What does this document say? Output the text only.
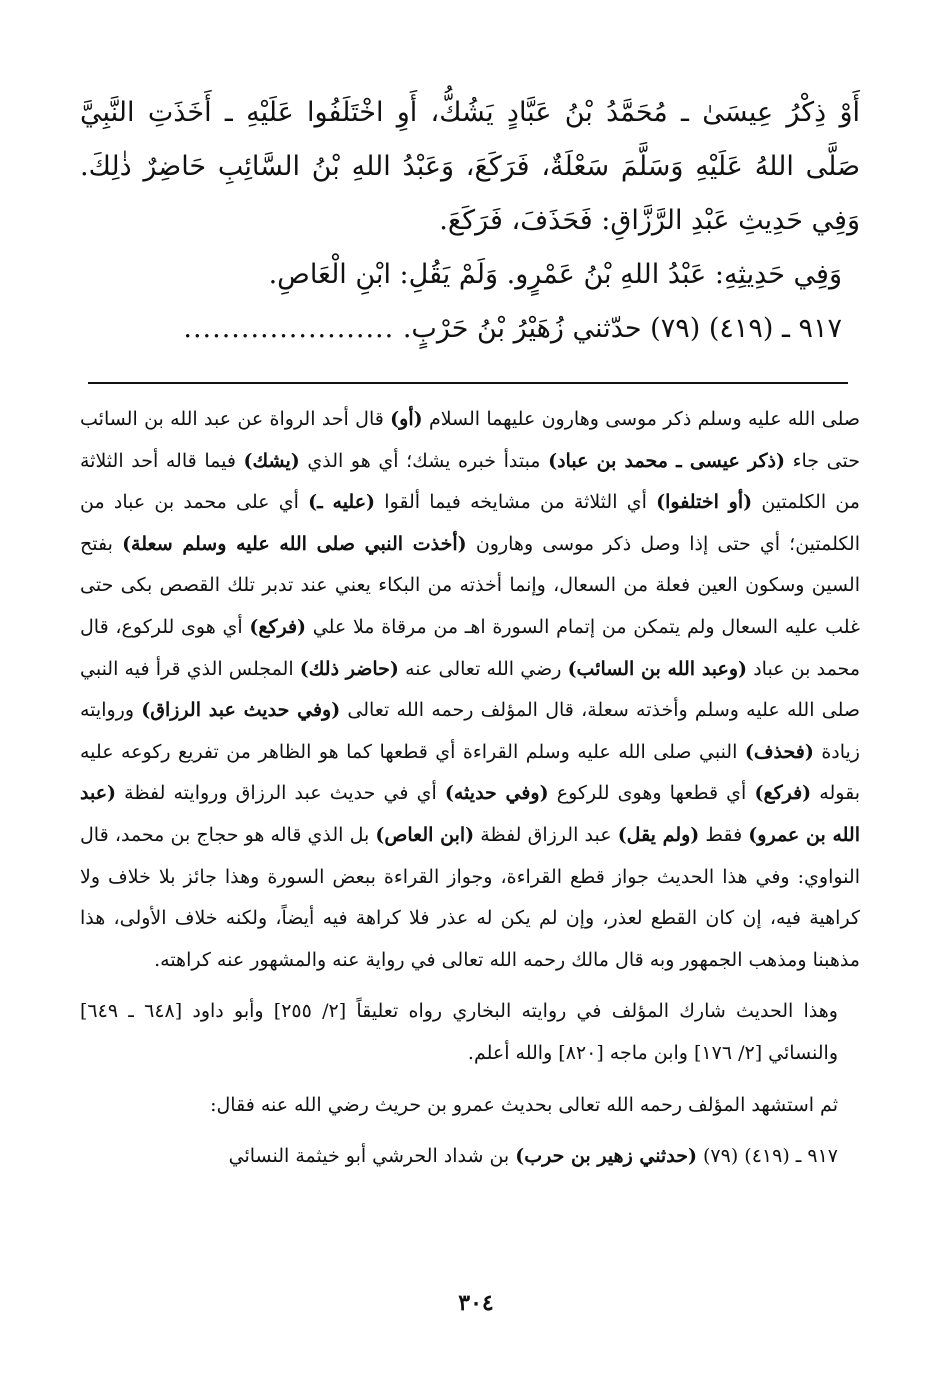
أَوْ ذِكْرُ عِيسَىٰ ـ مُحَمَّدُ بْنُ عَبَّادٍ يَشُكُّ، أَوِ اخْتَلَفُوا عَلَيْهِ ـ أَخَذَتِ النَّبِيَّ صَلَّى اللهُ عَلَيْهِ وَسَلَّمَ سَعْلَةٌ، فَرَكَعَ، وَعَبْدُ اللهِ بْنُ السَّائِبِ حَاضِرٌ ذٰلِكَ. وَفِي حَدِيثِ عَبْدِ الرَّزَّاقِ: فَحَذَفَ، فَرَكَعَ.

وَفِي حَدِيثِهِ: عَبْدُ اللهِ بْنُ عَمْرٍو. وَلَمْ يَقُلِ: ابْنِ الْعَاصِ.

٩١٧ ـ (٤١٩) (٧٩) حدّثني زُهَيْرُ بْنُ حَرْبٍ. ......................

صلى الله عليه وسلم ذكر موسى وهارون عليهما السلام (أو) قال أحد الرواة عن عبد الله بن السائب حتى جاء (ذكر عيسى ـ محمد بن عباد) مبتدأ خبره يشك؛ أي هو الذي (يشك) فيما قاله أحد الثلاثة من الكلمتين (أو اختلفوا) أي الثلاثة من مشايخه فيما ألقوا (عليه ـ) أي على محمد بن عباد من الكلمتين؛ أي حتى إذا وصل ذكر موسى وهارون (أخذت النبي صلى الله عليه وسلم سعلة) بفتح السين وسكون العين فعلة من السعال، وإنما أخذته من البكاء يعني عند تدبر تلك القصص بكى حتى غلب عليه السعال ولم يتمكن من إتمام السورة اهـ من مرقاة ملا علي (فركع) أي هوى للركوع، قال محمد بن عباد (وعبد الله بن السائب) رضي الله تعالى عنه (حاضر ذلك) المجلس الذي قرأ فيه النبي صلى الله عليه وسلم وأخذته سعلة، قال المؤلف رحمه الله تعالى (وفي حديث عبد الرزاق) وروايته زيادة (فحذف) النبي صلى الله عليه وسلم القراءة أي قطعها كما هو الظاهر من تفريع ركوعه عليه بقوله (فركع) أي قطعها وهوى للركوع (وفي حديثه) أي في حديث عبد الرزاق وروايته لفظة (عبد الله بن عمرو) فقط (ولم يقل) عبد الرزاق لفظة (ابن العاص) بل الذي قاله هو حجاج بن محمد، قال النواوي: وفي هذا الحديث جواز قطع القراءة، وجواز القراءة ببعض السورة وهذا جائز بلا خلاف ولا كراهية فيه، إن كان القطع لعذر، وإن لم يكن له عذر فلا كراهة فيه أيضاً، ولكنه خلاف الأولى، هذا مذهبنا ومذهب الجمهور وبه قال مالك رحمه الله تعالى في رواية عنه والمشهور عنه كراهته.

وهذا الحديث شارك المؤلف في روايته البخاري رواه تعليقاً [٢/ ٢٥٥] وأبو داود [٦٤٨ ـ ٦٤٩] والنسائي [٢/ ١٧٦] وابن ماجه [٨٢٠] والله أعلم.

ثم استشهد المؤلف رحمه الله تعالى بحديث عمرو بن حريث رضي الله عنه فقال:

٩١٧ ـ (٤١٩) (٧٩) (حدثني زهير بن حرب) بن شداد الحرشي أبو خيثمة النسائي

٣٠٤
